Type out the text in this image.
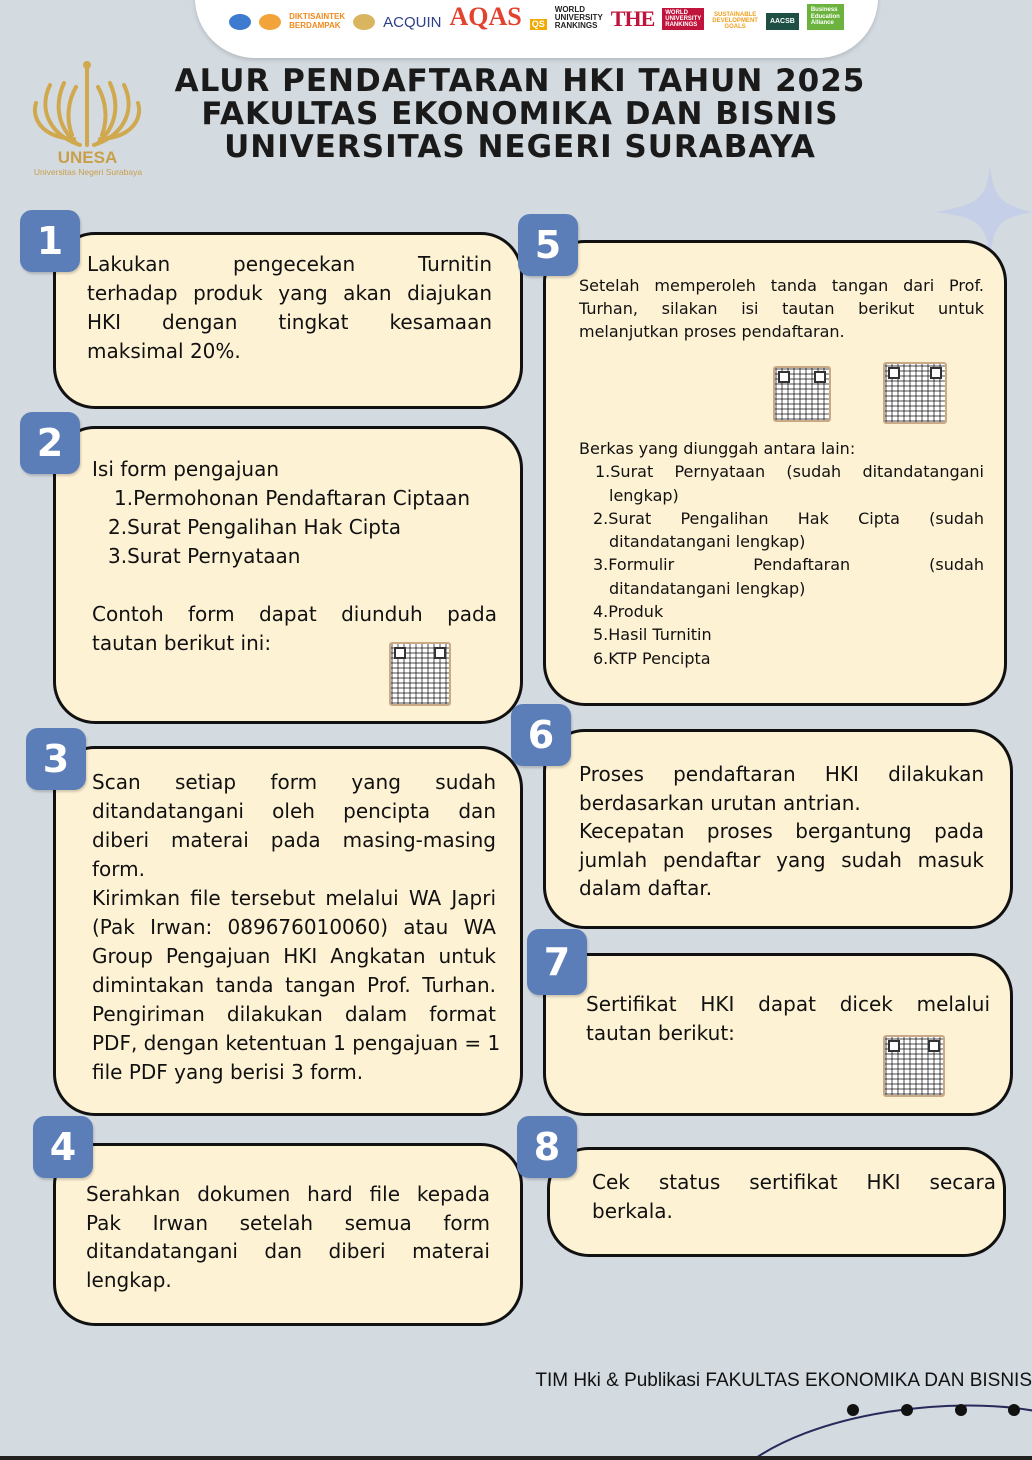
DIKTISAINTEK
BERDAMPAK	ACQUIN AQAS QS
WORLD
UNIVERSITY
RANKINGS THE	WORLD
UNIVERSITY
RANKINGS
SUSTAINABLE
DEVELOPMENT
GOALS
AACSB
Business
Education
Alliance
UNESA
Universitas Negeri Surabaya
ALUR PENDAFTARAN HKI TAHUN 2025
FAKULTAS EKONOMIKA DAN BISNIS
UNIVERSITAS NEGERI SURABAYA
1
Lakukan pengecekan Turnitin
terhadap produk yang akan diajukan
HKI dengan tingkat kesamaan
maksimal 20%.
2
Isi form pengajuan
1.Permohonan Pendaftaran Ciptaan
2.Surat Pengalihan Hak Cipta
3.Surat Pernyataan
Contoh form dapat diunduh pada
tautan berikut ini:
3
Scan setiap form yang sudah
ditandatangani oleh pencipta dan
diberi materai pada masing-masing
form.
Kirimkan file tersebut melalui WA Japri
(Pak Irwan: 089676010060) atau WA
Group Pengajuan HKI Angkatan untuk
dimintakan tanda tangan Prof. Turhan.
Pengiriman dilakukan dalam format
PDF, dengan ketentuan 1 pengajuan = 1
file PDF yang berisi 3 form.
4
Serahkan dokumen hard file kepada
Pak Irwan setelah semua form
ditandatangani dan diberi materai
lengkap.
5
Setelah memperoleh tanda tangan dari Prof.
Turhan, silakan isi tautan berikut untuk
melanjutkan proses pendaftaran.
Berkas yang diunggah antara lain:
1.Surat Pernyataan (sudah ditandatangani
lengkap)
2.Surat Pengalihan Hak Cipta (sudah
ditandatangani lengkap)
3.Formulir Pendaftaran (sudah
ditandatangani lengkap)
4.Produk
5.Hasil Turnitin
6.KTP Pencipta
6
Proses pendaftaran HKI dilakukan
berdasarkan urutan antrian.
Kecepatan proses bergantung pada
jumlah pendaftar yang sudah masuk
dalam daftar.
7
Sertifikat HKI dapat dicek melalui
tautan berikut:
8
Cek status sertifikat HKI secara
berkala.
TIM Hki & Publikasi FAKULTAS EKONOMIKA DAN BISNIS
